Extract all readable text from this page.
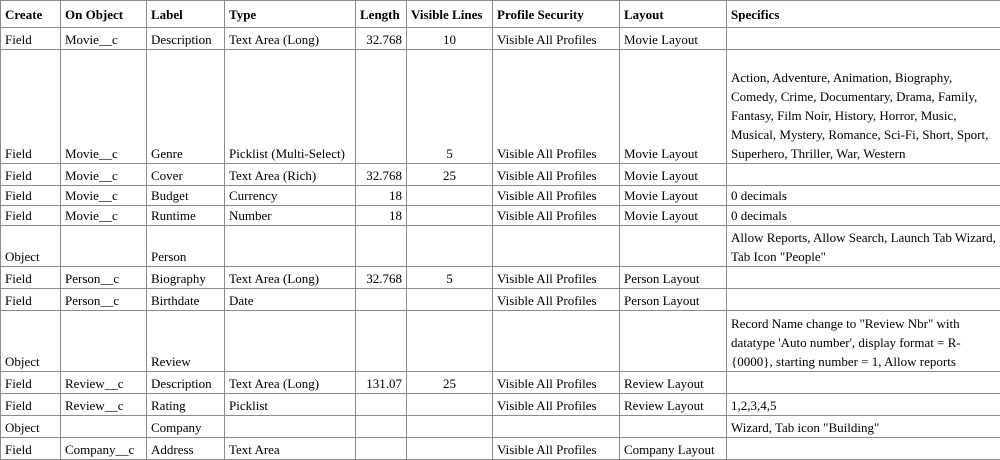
Create	On Object	Label	Type	Length	Visible Lines	Profile Security	Layout	Specifics
Field	Movie__c	Description	Text Area (Long)	32.768	10	Visible All Profiles	Movie Layout	
Field	Movie__c	Genre	Picklist (Multi-Select)		5	Visible All Profiles	Movie Layout	Action, Adventure, Animation, Biography, Comedy, Crime, Documentary, Drama, Family, Fantasy, Film Noir, History, Horror, Music, Musical, Mystery, Romance, Sci-Fi, Short, Sport, Superhero, Thriller, War, Western
Field	Movie__c	Cover	Text Area (Rich)	32.768	25	Visible All Profiles	Movie Layout	
Field	Movie__c	Budget	Currency	18		Visible All Profiles	Movie Layout	0 decimals
Field	Movie__c	Runtime	Number	18		Visible All Profiles	Movie Layout	0 decimals
Object		Person						Allow Reports, Allow Search, Launch Tab Wizard, Tab Icon "People"
Field	Person__c	Biography	Text Area (Long)	32.768	5	Visible All Profiles	Person Layout	
Field	Person__c	Birthdate	Date			Visible All Profiles	Person Layout	
Object		Review						Record Name change to "Review Nbr" with datatype 'Auto number', display format = R-{0000}, starting number = 1, Allow reports
Field	Review__c	Description	Text Area (Long)	131.07	25	Visible All Profiles	Review Layout	
Field	Review__c	Rating	Picklist			Visible All Profiles	Review Layout	1,2,3,4,5
Object		Company						Wizard, Tab icon "Building"
Field	Company__c	Address	Text Area			Visible All Profiles	Company Layout	
